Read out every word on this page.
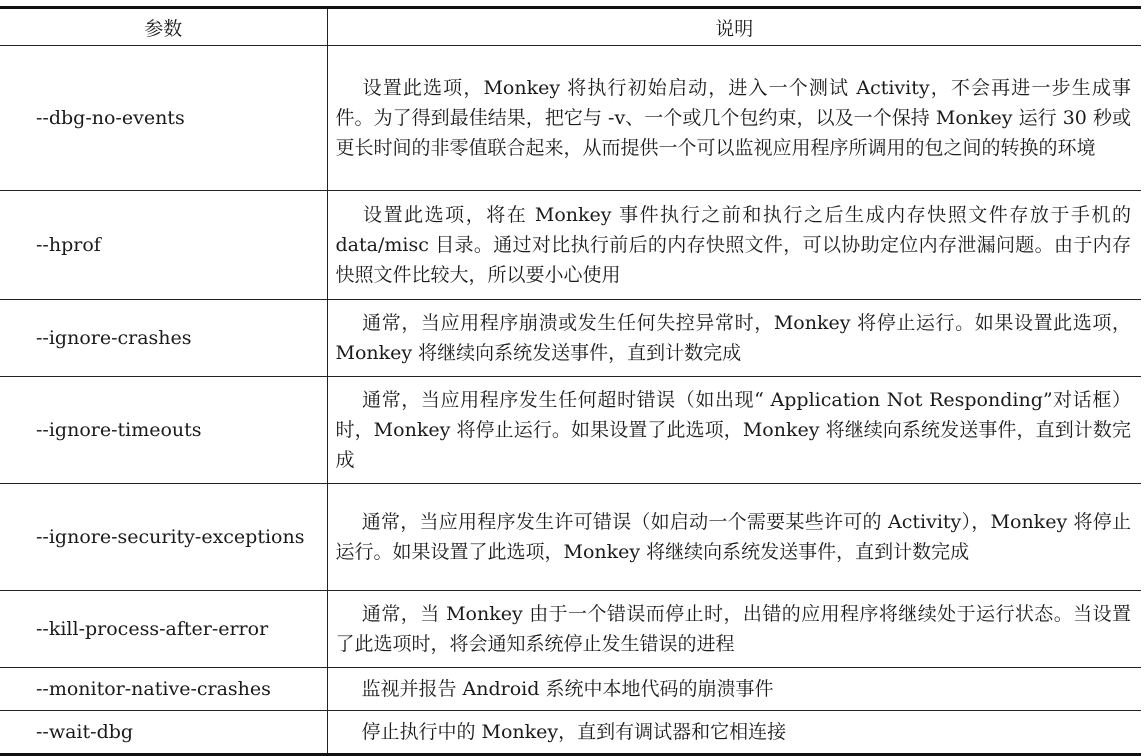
参数	说明
--dbg-no-events	设置此选项，Monkey 将执行初始启动，进入一个测试 Activity，不会再进一步生成事件。为了得到最佳结果，把它与 -v、一个或几个包约束，以及一个保持 Monkey 运行 30 秒或更长时间的非零值联合起来，从而提供一个可以监视应用程序所调用的包之间的转换的环境
--hprof	设置此选项，将在 Monkey 事件执行之前和执行之后生成内存快照文件存放于手机的 data/misc 目录。通过对比执行前后的内存快照文件，可以协助定位内存泄漏问题。由于内存快照文件比较大，所以要小心使用
--ignore-crashes	通常，当应用程序崩溃或发生任何失控异常时，Monkey 将停止运行。如果设置此选项，Monkey 将继续向系统发送事件，直到计数完成
--ignore-timeouts	通常，当应用程序发生任何超时错误（如出现“ Application Not Responding”对话框）时，Monkey 将停止运行。如果设置了此选项，Monkey 将继续向系统发送事件，直到计数完成
--ignore-security-exceptions	通常，当应用程序发生许可错误（如启动一个需要某些许可的 Activity），Monkey 将停止运行。如果设置了此选项，Monkey 将继续向系统发送事件，直到计数完成
--kill-process-after-error	通常，当 Monkey 由于一个错误而停止时，出错的应用程序将继续处于运行状态。当设置了此选项时，将会通知系统停止发生错误的进程
--monitor-native-crashes	监视并报告 Android 系统中本地代码的崩溃事件
--wait-dbg	停止执行中的 Monkey，直到有调试器和它相连接
